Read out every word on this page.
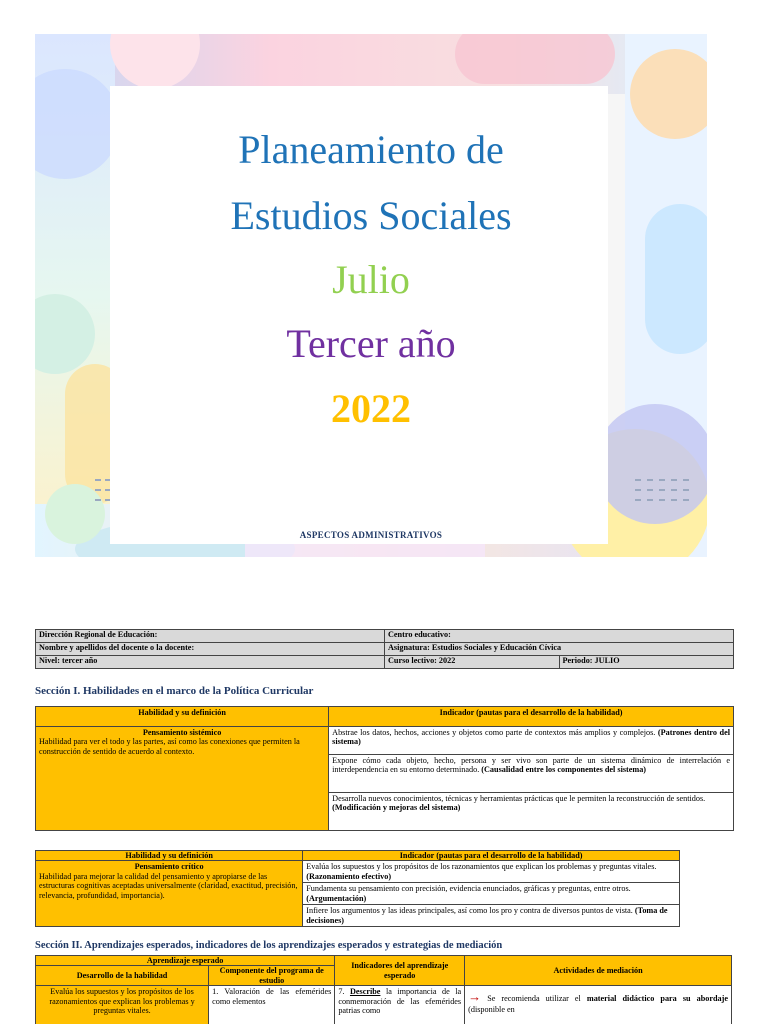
Planeamiento de
Estudios Sociales
Julio
Tercer año
2022
ASPECTOS ADMINISTRATIVOS
Dirección Regional de Educación:	Centro educativo:	
Nombre y apellidos del docente o la docente:	Asignatura: Estudios Sociales y Educación Cívica	
Nivel: tercer año	Curso lectivo: 2022	Periodo: JULIO
Sección I. Habilidades en el marco de la Política Curricular
Habilidad y su definición	Indicador (pautas para el desarrollo de la habilidad)

Pensamiento sistémico
Habilidad para ver el todo y las partes, así como las conexiones que permiten la construcción de sentido de acuerdo al contexto.	Abstrae los datos, hechos, acciones y objetos como parte de contextos más amplios y complejos. (Patrones dentro del sistema)
	Expone cómo cada objeto, hecho, persona y ser vivo son parte de un sistema dinámico de interrelación e interdependencia en su entorno determinado. (Causalidad entre los componentes del sistema)
	Desarrolla nuevos conocimientos, técnicas y herramientas prácticas que le permiten la reconstrucción de sentidos.
(Modificación y mejoras del sistema)
Habilidad y su definición	Indicador (pautas para el desarrollo de la habilidad)

Pensamiento crítico
Habilidad para mejorar la calidad del pensamiento y apropiarse de las estructuras cognitivas aceptadas universalmente (claridad, exactitud, precisión, relevancia, profundidad, importancia).	Evalúa los supuestos y los propósitos de los razonamientos que explican los problemas y preguntas vitales. (Razonamiento efectivo)
	Fundamenta su pensamiento con precisión, evidencia enunciados, gráficas y preguntas, entre otros. (Argumentación)
	Infiere los argumentos y las ideas principales, así como los pro y contra de diversos puntos de vista. (Toma de decisiones)
Sección II. Aprendizajes esperados, indicadores de los aprendizajes esperados y estrategias de mediación
Aprendizaje esperado		Indicadores del aprendizaje esperado	Actividades de mediación
Desarrollo de la habilidad	Componente del programa de estudio		
Evalúa los supuestos y los propósitos de los razonamientos que explican los problemas y preguntas vitales.	1. Valoración de las efemérides como elementos	7. Describe la importancia de la conmemoración de las efemérides patrias como	→ Se recomienda utilizar el material didáctico para su abordaje (disponible en
